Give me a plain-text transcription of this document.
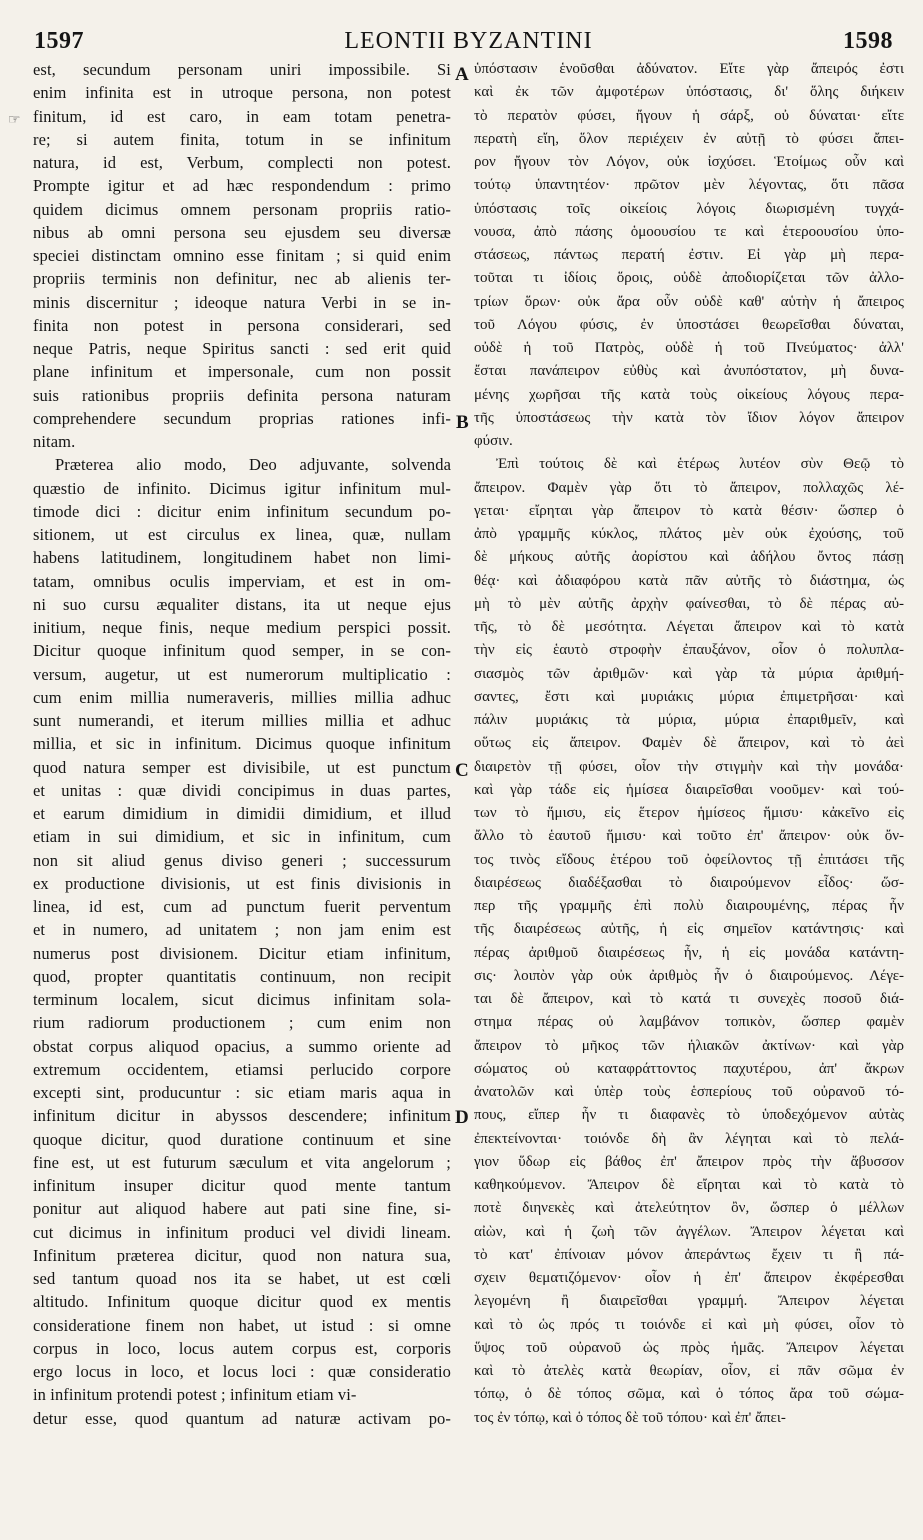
1597	LEONTII BYZANTINI	1598
☞
est, secundum personam uniri impossibile. Si
enim infinita est in utroque persona, non potest
finitum, id est caro, in eam totam penetra-
re; si autem finita, totum in se infinitum
natura, id est, Verbum, complecti non potest.
Prompte igitur et ad hæc respondendum : primo
quidem dicimus omnem personam propriis ratio-
nibus ab omni persona seu ejusdem seu diversæ
speciei distinctam omnino esse finitam ; si quid enim
propriis terminis non definitur, nec ab alienis ter-
minis discernitur ; ideoque natura Verbi in se in-
finita non potest in persona considerari, sed
neque Patris, neque Spiritus sancti : sed erit quid
plane infinitum et impersonale, cum non possit
suis rationibus propriis definita persona naturam
comprehendere secundum proprias rationes infi-
nitam.
Præterea alio modo, Deo adjuvante, solvenda
quæstio de infinito. Dicimus igitur infinitum mul-
timode dici : dicitur enim infinitum secundum po-
sitionem, ut est circulus ex linea, quæ, nullam
habens latitudinem, longitudinem habet non limi-
tatam, omnibus oculis imperviam, et est in om-
ni suo cursu æqualiter distans, ita ut neque ejus
initium, neque finis, neque medium perspici possit.
Dicitur quoque infinitum quod semper, in se con-
versum, augetur, ut est numerorum multiplicatio :
cum enim millia numeraveris, millies millia adhuc
sunt numerandi, et iterum millies millia et adhuc
millia, et sic in infinitum. Dicimus quoque infinitum
quod natura semper est divisibile, ut est punctum
et unitas : quæ dividi concipimus in duas partes,
et earum dimidium in dimidii dimidium, et illud
etiam in sui dimidium, et sic in infinitum, cum
non sit aliud genus diviso generi ; successurum
ex productione divisionis, ut est finis divisionis in
linea, id est, cum ad punctum fuerit perventum
et in numero, ad unitatem ; non jam enim est
numerus post divisionem. Dicitur etiam infinitum,
quod, propter quantitatis continuum, non recipit
terminum localem, sicut dicimus infinitam sola-
rium radiorum productionem ; cum enim non
obstat corpus aliquod opacius, a summo oriente ad
extremum occidentem, etiamsi perlucido corpore
excepti sint, producuntur : sic etiam maris aqua in
infinitum dicitur in abyssos descendere; infinitum
quoque dicitur, quod duratione continuum et sine
fine est, ut est futurum sæculum et vita angelorum ;
infinitum insuper dicitur quod mente tantum
ponitur aut aliquod habere aut pati sine fine, si-
cut dicimus in infinitum produci vel dividi lineam.
Infinitum præterea dicitur, quod non natura sua,
sed tantum quoad nos ita se habet, ut est cœli
altitudo. Infinitum quoque dicitur quod ex mentis
consideratione finem non habet, ut istud : si omne
corpus in loco, locus autem corpus est, corporis
ergo locus in loco, et locus loci : quæ consideratio
in infinitum protendi potest ; infinitum etiam vi-
detur esse, quod quantum ad naturæ activam po-
ὑπόστασιν ἑνοῦσθαι ἀδύνατον. Εἴτε γὰρ ἄπειρός ἐστι
καὶ ἐκ τῶν ἀμφοτέρων ὑπόστασις, δι' ὅλης διήκειν
τὸ περατὸν φύσει, ἤγουν ἡ σάρξ, οὐ δύναται· εἴτε
περατὴ εἴη, ὅλον περιέχειν ἐν αὐτῇ τὸ φύσει ἄπει-
ρον ἤγουν τὸν Λόγον, οὐκ ἰσχύσει. Ἑτοίμως οὖν καὶ
τούτῳ ὑπαντητέον· πρῶτον μὲν λέγοντας, ὅτι πᾶσα
ὑπόστασις τοῖς οἰκείοις λόγοις διωρισμένη τυγχά-
νουσα, ἀπὸ πάσης ὁμοουσίου τε καὶ ἑτεροουσίου ὑπο-
στάσεως, πάντως περατή ἐστιν. Εἰ γὰρ μὴ περα-
τοῦται τι ἰδίοις ὅροις, οὐδὲ ἀποδιορίζεται τῶν ἀλλο-
τρίων ὅρων· οὐκ ἄρα οὖν οὐδὲ καθ' αὑτὴν ἡ ἄπειρος
τοῦ Λόγου φύσις, ἐν ὑποστάσει θεωρεῖσθαι δύναται,
οὐδὲ ἡ τοῦ Πατρὸς, οὐδὲ ἡ τοῦ Πνεύματος· ἀλλ'
ἔσται πανάπειρον εὐθὺς καὶ ἀνυπόστατον, μὴ δυνα-
μένης χωρῆσαι τῆς κατὰ τοὺς οἰκείους λόγους περα-
τῆς ὑποστάσεως τὴν κατὰ τὸν ἴδιον λόγον ἄπειρον
φύσιν.
Ἐπὶ τούτοις δὲ καὶ ἑτέρως λυτέον σὺν Θεῷ τὸ
ἄπειρον. Φαμὲν γὰρ ὅτι τὸ ἄπειρον, πολλαχῶς λέ-
γεται· εἴρηται γὰρ ἄπειρον τὸ κατὰ θέσιν· ὥσπερ ὁ
ἀπὸ γραμμῆς κύκλος, πλάτος μὲν οὐκ ἐχούσης, τοῦ
δὲ μήκους αὐτῆς ἀορίστου καὶ ἀδήλου ὄντος πάσῃ
θέᾳ· καὶ ἀδιαφόρου κατὰ πᾶν αὐτῆς τὸ διάστημα, ὡς
μὴ τὸ μὲν αὐτῆς ἀρχὴν φαίνεσθαι, τὸ δὲ πέρας αὐ-
τῆς, τὸ δὲ μεσότητα. Λέγεται ἄπειρον καὶ τὸ κατὰ
τὴν εἰς ἑαυτὸ στροφὴν ἐπαυξάνον, οἷον ὁ πολυπλα-
σιασμὸς τῶν ἀριθμῶν· καὶ γὰρ τὰ μύρια ἀριθμή-
σαντες, ἔστι καὶ μυριάκις μύρια ἐπιμετρῆσαι· καὶ
πάλιν μυριάκις τὰ μύρια, μύρια ἐπαριθμεῖν, καὶ
οὕτως εἰς ἄπειρον. Φαμὲν δὲ ἄπειρον, καὶ τὸ ἀεὶ
διαιρετὸν τῇ φύσει, οἷον τὴν στιγμὴν καὶ τὴν μονάδα·
καὶ γὰρ τάδε εἰς ἡμίσεα διαιρεῖσθαι νοοῦμεν· καὶ τού-
των τὸ ἥμισυ, εἰς ἕτερον ἡμίσεος ἥμισυ· κἀκεῖνο εἰς
ἄλλο τὸ ἑαυτοῦ ἥμισυ· καὶ τοῦτο ἐπ' ἄπειρον· οὐκ ὄν-
τος τινὸς εἴδους ἑτέρου τοῦ ὀφείλοντος τῇ ἐπιτάσει τῆς
διαιρέσεως διαδέξασθαι τὸ διαιρούμενον εἶδος· ὥσ-
περ τῆς γραμμῆς ἐπὶ πολὺ διαιρουμένης, πέρας ἦν
τῆς διαιρέσεως αὐτῆς, ἡ εἰς σημεῖον κατάντησις· καὶ
πέρας ἀριθμοῦ διαιρέσεως ἦν, ἡ εἰς μονάδα κατάντη-
σις· λοιπὸν γὰρ οὐκ ἀριθμὸς ἦν ὁ διαιρούμενος. Λέγε-
ται δὲ ἄπειρον, καὶ τὸ κατά τι συνεχὲς ποσοῦ διά-
στημα πέρας οὐ λαμβάνον τοπικὸν, ὥσπερ φαμὲν
ἄπειρον τὸ μῆκος τῶν ἡλιακῶν ἀκτίνων· καὶ γὰρ
σώματος οὐ καταφράττοντος παχυτέρου, ἀπ' ἄκρων
ἀνατολῶν καὶ ὑπὲρ τοὺς ἑσπερίους τοῦ οὐρανοῦ τό-
πους, εἴπερ ἦν τι διαφανὲς τὸ ὑποδεχόμενον αὐτὰς
ἐπεκτείνονται· τοιόνδε δὴ ἂν λέγηται καὶ τὸ πελά-
γιον ὕδωρ εἰς βάθος ἐπ' ἄπειρον πρὸς τὴν ἄβυσσον
καθηκούμενον. Ἄπειρον δὲ εἴρηται καὶ τὸ κατὰ τὸ
ποτὲ διηνεκὲς καὶ ἀτελεύτητον ὂν, ὥσπερ ὁ μέλλων
αἰὼν, καὶ ἡ ζωὴ τῶν ἀγγέλων. Ἄπειρον λέγεται καὶ
τὸ κατ' ἐπίνοιαν μόνον ἀπεράντως ἔχειν τι ἢ πά-
σχειν θεματιζόμενον· οἷον ἡ ἐπ' ἄπειρον ἐκφέρεσθαι
λεγομένη ἢ διαιρεῖσθαι γραμμή. Ἄπειρον λέγεται
καὶ τὸ ὡς πρός τι τοιόνδε εἰ καὶ μὴ φύσει, οἷον τὸ
ὕψος τοῦ οὐρανοῦ ὡς πρὸς ἡμᾶς. Ἄπειρον λέγεται
καὶ τὸ ἀτελὲς κατὰ θεωρίαν, οἷον, εἰ πᾶν σῶμα ἐν
τόπῳ, ὁ δὲ τόπος σῶμα, καὶ ὁ τόπος ἄρα τοῦ σώμα-
τος ἐν τόπῳ, καὶ ὁ τόπος δὲ τοῦ τόπου· καὶ ἐπ' ἄπει-
A
B
C
D
